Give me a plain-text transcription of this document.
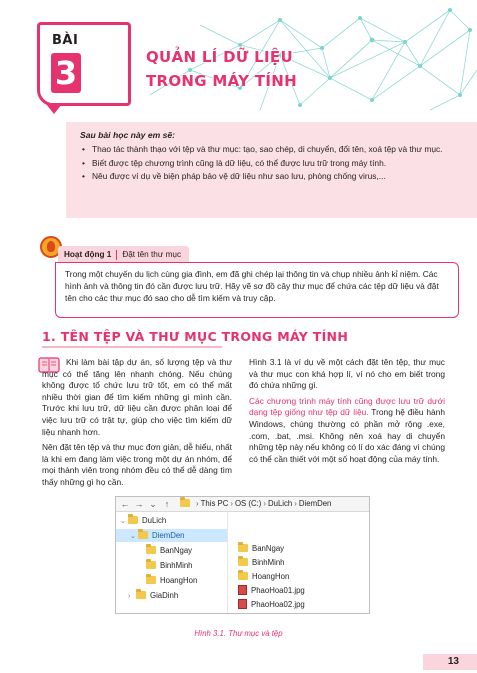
BÀI
3	QUẢN LÍ DỮ LIỆU
TRONG MÁY TÍNH
Sau bài học này em sẽ:
• Thao tác thành thạo với tệp và thư mục: tạo, sao chép, di chuyển, đổi tên, xoá tệp và thư mục.
• Biết được tệp chương trình cũng là dữ liệu, có thể được lưu trữ trong máy tính.
• Nêu được ví dụ về biện pháp bảo vệ dữ liệu như sao lưu, phòng chống virus,...
Hoạt động 1 Đặt tên thư mục
Trong một chuyến du lịch cùng gia đình, em đã ghi chép lại thông tin và chụp nhiều ảnh kỉ niệm. Các hình ảnh và thông tin đó cần được lưu trữ. Hãy vẽ sơ đồ cây thư mục để chứa các tệp dữ liệu và đặt tên cho các thư mục đó sao cho dễ tìm kiếm và truy cập.
1. TÊN TỆP VÀ THƯ MỤC TRONG MÁY TÍNH

Khi làm bài tập dự án, số lượng tệp và thư mục có thể tăng lên nhanh chóng. Nếu chúng không được tổ chức lưu trữ tốt, em có thể mất nhiều thời gian để tìm kiếm những gì mình cần. Trước khi lưu trữ, dữ liệu cần được phân loại để việc lưu trữ có trật tự, giúp cho việc tìm kiếm dữ liệu nhanh hơn.

Nên đặt tên tệp và thư mục đơn giản, dễ hiểu, nhất là khi em đang làm việc trong một dự án nhóm, để mọi thành viên trong nhóm đều có thể dễ dàng tìm thấy những gì họ cần.

Hình 3.1 là ví dụ về một cách đặt tên tệp, thư mục và thư mục con khá hợp lí, ví nó cho em biết trong đó chứa những gì.

Các chương trình máy tính cũng được lưu trữ dưới dạng tệp giống như tệp dữ liệu. Trong hệ điều hành Windows, chúng thường có phần mở rộng .exe, .com, .bat, .msi. Không nên xoá hay di chuyển những tệp này nếu không có lí do xác đáng vì chúng có thể cần thiết với một số hoạt động của máy tính.

← → ⌄ ↑	› This PC › OS (C:) › DuLich › DiemDen
⌄ DuLich
⌄ DiemDen
BanNgay
BinhMinh
HoangHon
›	GiaDinh
BanNgay
BinhMinh
HoangHon
PhaoHoa01.jpg
PhaoHoa02.jpg
Hình 3.1. Thư mục và tệp
13
